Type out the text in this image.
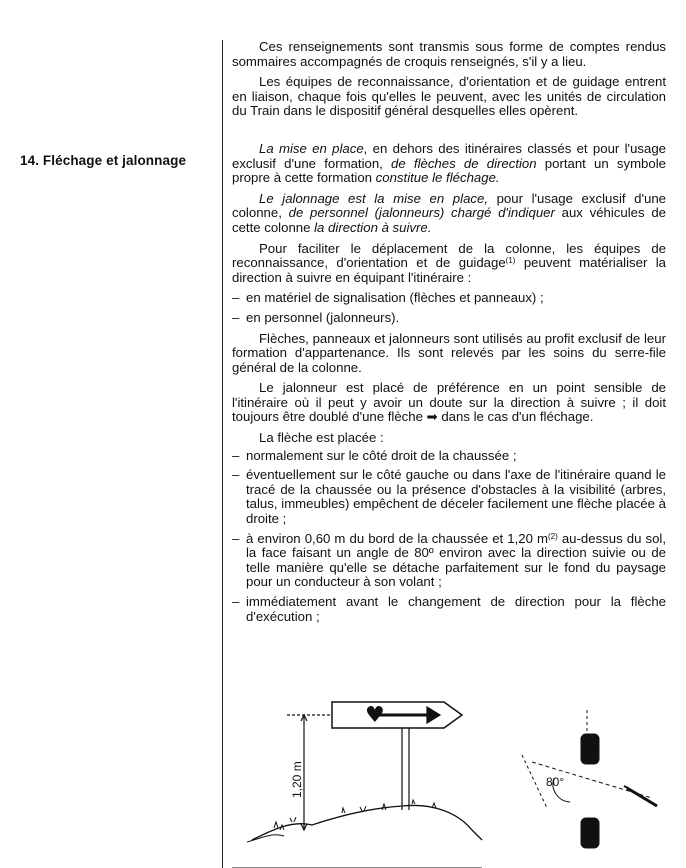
14. Fléchage et jalonnage

Ces renseignements sont transmis sous forme de comptes rendus sommaires accompagnés de croquis renseignés, s'il y a lieu.

Les équipes de reconnaissance, d'orientation et de guidage entrent en liaison, chaque fois qu'elles le peuvent, avec les unités de circulation du Train dans le dispositif général desquelles elles opèrent.

La mise en place, en dehors des itinéraires classés et pour l'usage exclusif d'une formation, de flèches de direction portant un symbole propre à cette formation constitue le fléchage.

Le jalonnage est la mise en place, pour l'usage exclusif d'une colonne, de personnel (jalonneurs) chargé d'indiquer aux véhicules de cette colonne la direction à suivre.

Pour faciliter le déplacement de la colonne, les équipes de reconnaissance, d'orientation et de guidage$^{(1)}$ peuvent matérialiser la direction à suivre en équipant l'itinéraire :

– en matériel de signalisation (flèches et panneaux) ;
– en personnel (jalonneurs).

Flèches, panneaux et jalonneurs sont utilisés au profit exclusif de leur formation d'appartenance. Ils sont relevés par les soins du serre-file général de la colonne.

Le jalonneur est placé de préférence en un point sensible de l'itinéraire où il peut y avoir un doute sur la direction à suivre ; il doit toujours être doublé d'une flèche ➡ dans le cas d'un fléchage.

La flèche est placée :

– normalement sur le côté droit de la chaussée ;
– éventuellement sur le côté gauche ou dans l'axe de l'itinéraire quand le tracé de la chaussée ou la présence d'obstacles à la visibilité (arbres, talus, immeubles) empêchent de déceler facilement une flèche placée à droite ;
– à environ 0,60 m du bord de la chaussée et 1,20 $m^{(2)}$ au-dessus du sol, la face faisant un angle de 80º environ avec la direction suivie ou de telle manière qu'elle se détache parfaitement sur le fond du paysage pour un conducteur à son volant ;
– immédiatement avant le changement de direction pour la flèche d'exécution ;
♥
1,20 m	80°
